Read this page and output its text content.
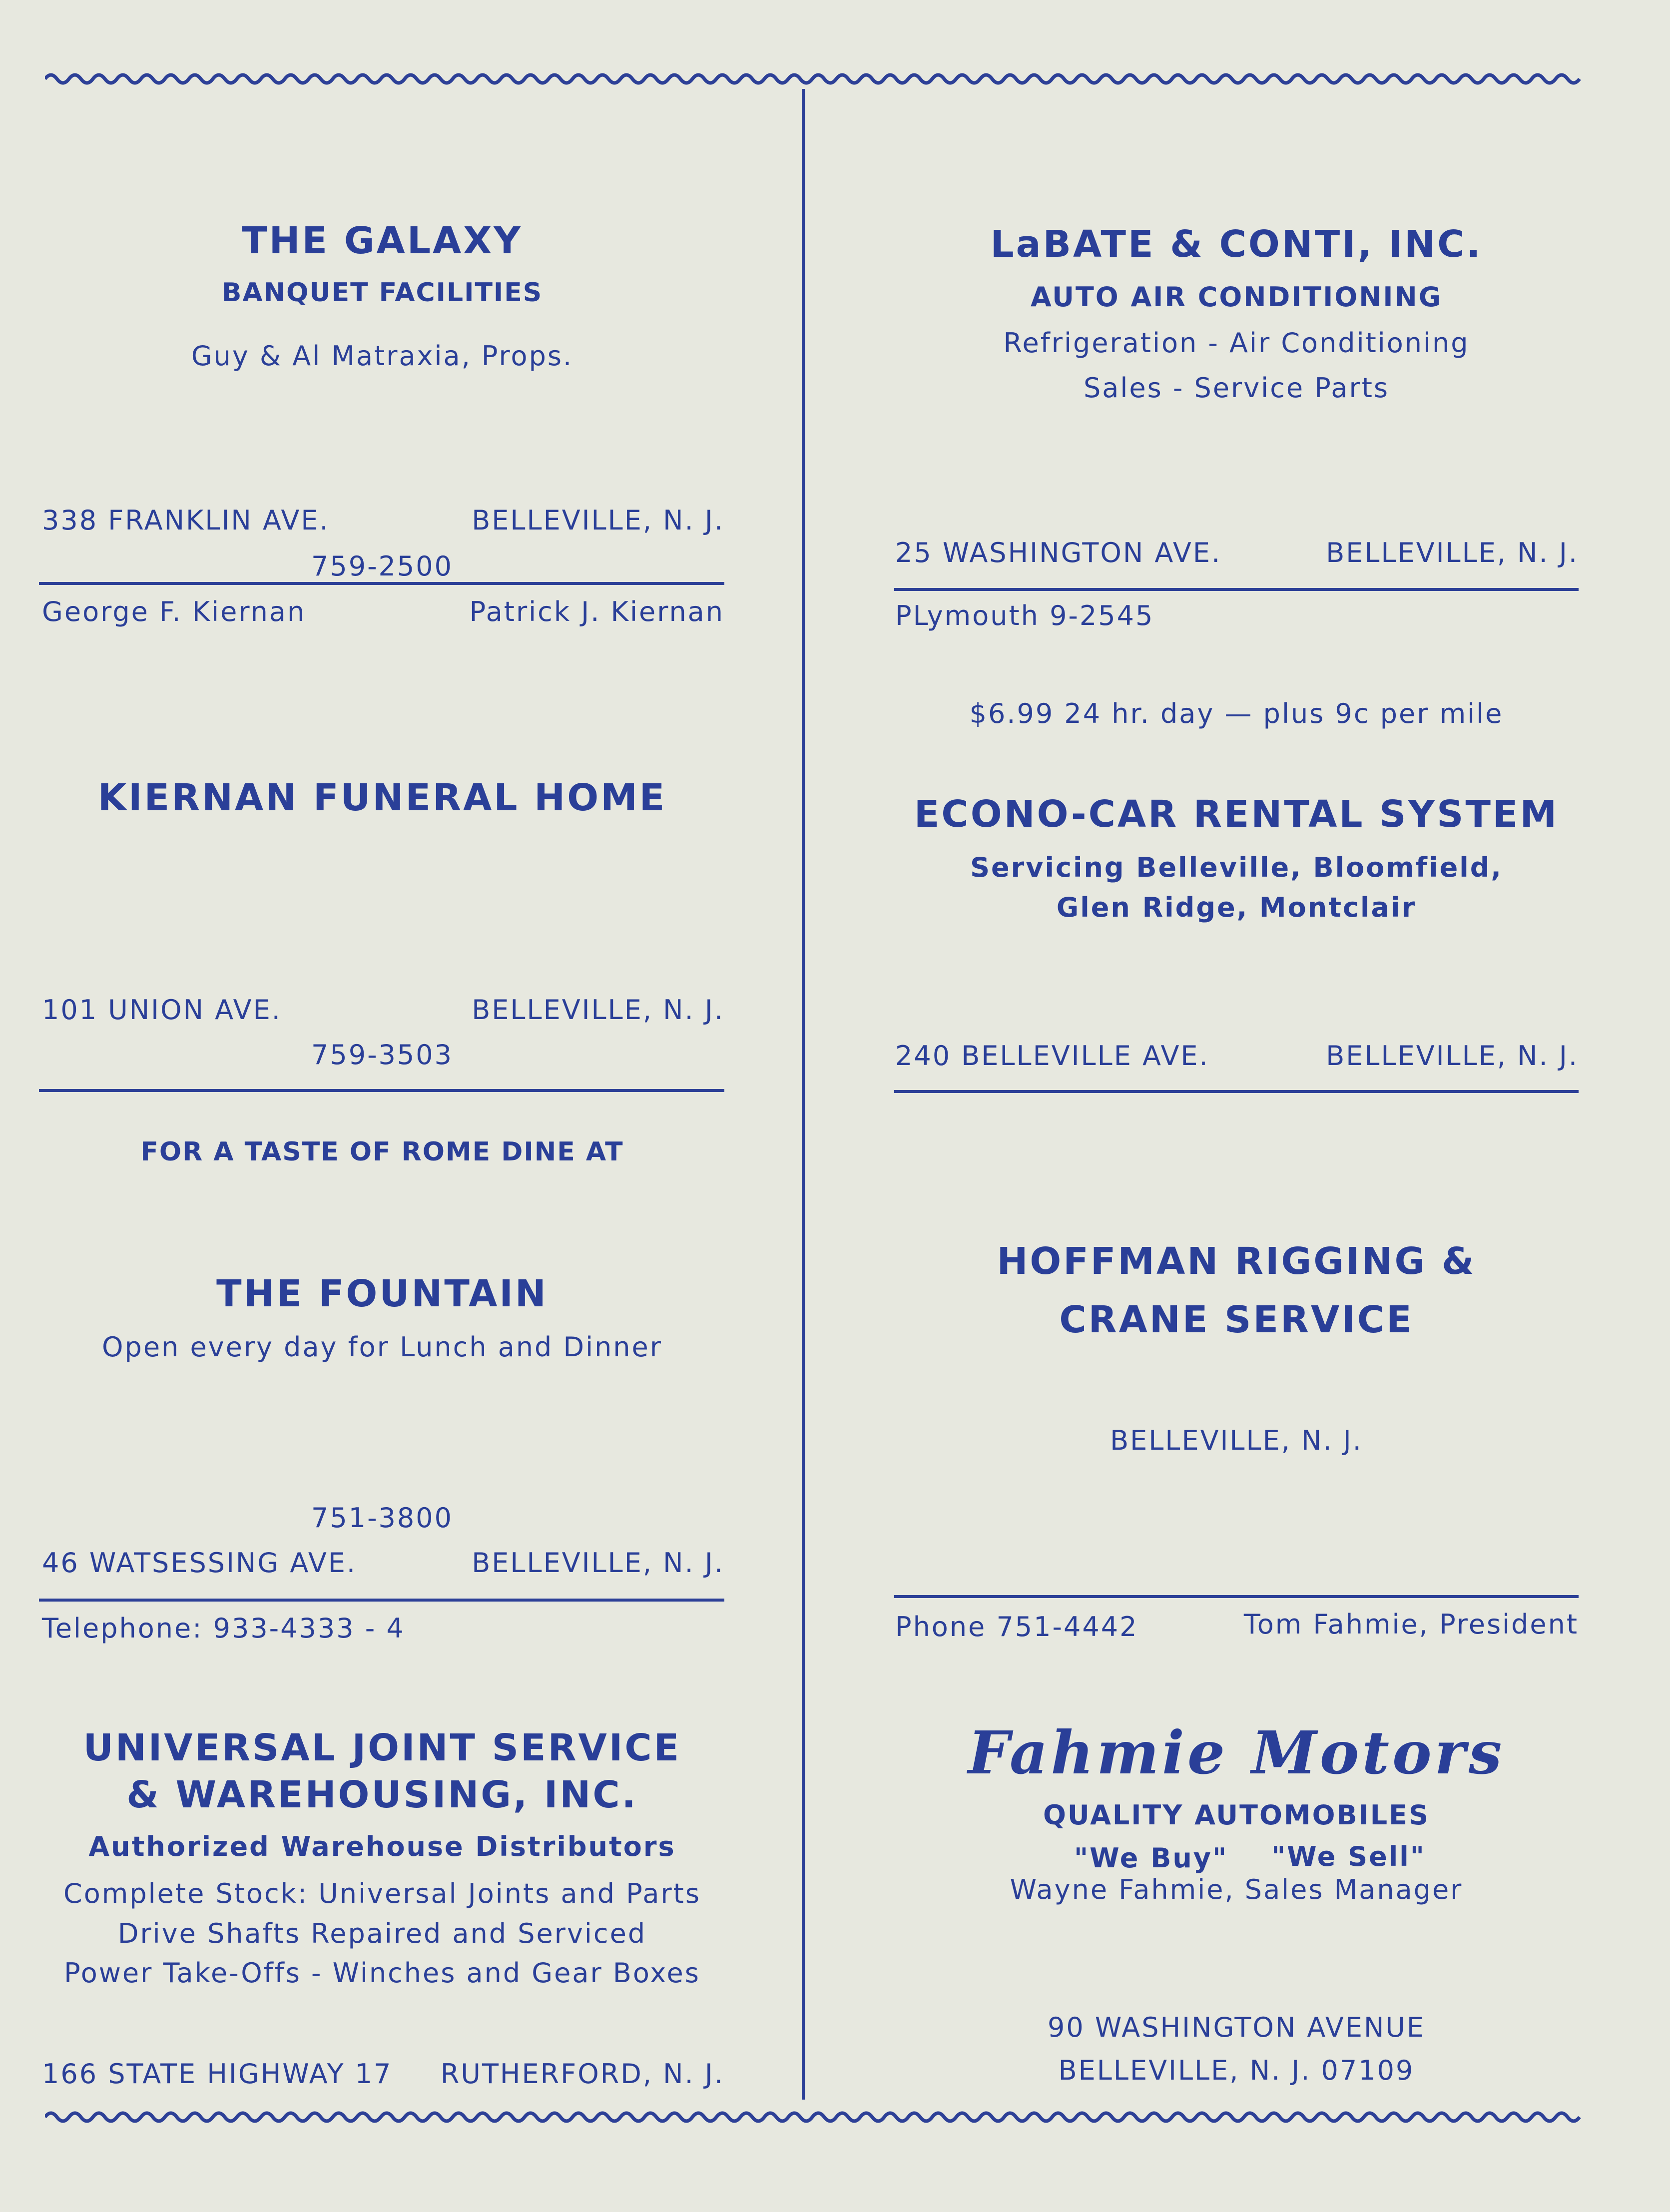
THE GALAXY
BANQUET FACILITIES
Guy & Al Matraxia, Props.
338 FRANKLIN AVE.	BELLEVILLE, N. J.
759-2500
George F. Kiernan	Patrick J. Kiernan
KIERNAN FUNERAL HOME
101 UNION AVE.	BELLEVILLE, N. J.
759-3503
FOR A TASTE OF ROME DINE AT
THE FOUNTAIN
Open every day for Lunch and Dinner
751-3800
46 WATSESSING AVE.	BELLEVILLE, N. J.
Telephone: 933-4333 - 4
UNIVERSAL JOINT SERVICE
& WAREHOUSING, INC.
Authorized Warehouse Distributors
Complete Stock: Universal Joints and Parts
Drive Shafts Repaired and Serviced
Power Take-Offs - Winches and Gear Boxes
166 STATE HIGHWAY 17	RUTHERFORD, N. J.
LaBATE & CONTI, INC.
AUTO AIR CONDITIONING
Refrigeration - Air Conditioning
Sales - Service Parts
25 WASHINGTON AVE.	BELLEVILLE, N. J.
PLymouth 9-2545
$6.99 24 hr. day — plus 9c per mile
ECONO-CAR RENTAL SYSTEM
Servicing Belleville, Bloomfield,
Glen Ridge, Montclair
240 BELLEVILLE AVE.	BELLEVILLE, N. J.
HOFFMAN RIGGING &
CRANE SERVICE
BELLEVILLE, N. J.
Phone 751-4442	Tom Fahmie, President
Fahmie Motors
QUALITY AUTOMOBILES
"We Buy" "We Sell"
Wayne Fahmie, Sales Manager
90 WASHINGTON AVENUE
BELLEVILLE, N. J. 07109
